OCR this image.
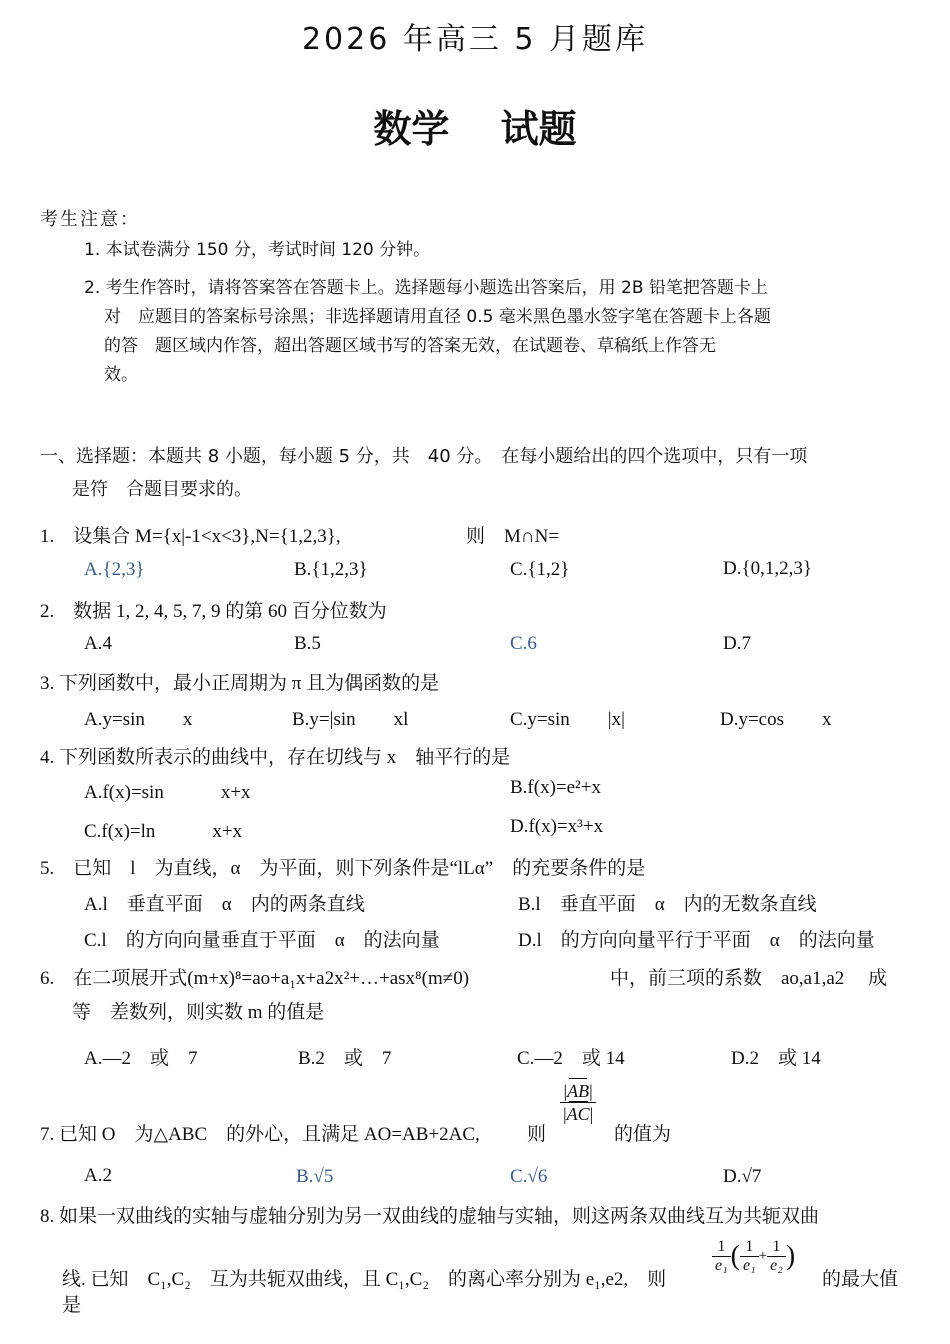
2026 年高三 5 月题库
数学　 试题
考生注意：
1. 本试卷满分 150 分，考试时间 120 分钟。
2. 考生作答时，请将答案答在答题卡上。选择题每小题选出答案后，用 2B 铅笔把答题卡上
对　应题目的答案标号涂黑；非选择题请用直径 0.5 毫米黑色墨水签字笔在答题卡上各题
的答　题区域内作答，超出答题区域书写的答案无效，在试题卷、草稿纸上作答无
效。
一、选择题：本题共 8 小题，每小题 5 分，共　40 分。　在每小题给出的四个选项中，只有一项
是符　合题目要求的。
1.　设集合 M={x|-1<x<3},N={1,2,3},	则　M∩N=
A.{2,3}	B.{1,2,3}	C.{1,2}	D.{0,1,2,3}
2.　数据 1, 2, 4, 5, 7, 9 的第 60 百分位数为
A.4	B.5	C.6	D.7
3. 下列函数中，最小正周期为 π 且为偶函数的是
A.y=sin　　x	B.y=|sin　　xl	C.y=sin　　|x|	D.y=cos　　x
4. 下列函数所表示的曲线中，存在切线与 x　轴平行的是
A.f(x)=sin　　　x+x	B.f(x)=e²+x
C.f(x)=ln　　　x+x	D.f(x)=x³+x
5.　已知　l　为直线，α　为平面，则下列条件是“lLα”　的充要条件的是
A.l　垂直平面　α　内的两条直线	B.l　垂直平面　α　内的无数条直线
C.l　的方向向量垂直于平面　α　的法向量	D.l　的方向向量平行于平面　α　的法向量
6.　在二项展开式(m+x)⁸=ao+a₁x+a2x²+…+asx⁸(m≠0)	中，前三项的系数　ao,a1,a2　 成
等　差数列，则实数 m 的值是
A.—2　或　7	B.2　或　7	C.—2　或 14	D.2　或 14
7. 已知 O　为△ABC　的外心，且满足 AO=AB+2AC, 则
$\frac{|AB|}{|AC|}$
的值为
A.2	B.√5	C.√6	D.√7
8. 如果一双曲线的实轴与虚轴分别为另一双曲线的虚轴与实轴，则这两条双曲线互为共轭双曲
线. 已知　C₁,C₂　互为共轭双曲线，且 C₁,C₂　的离心率分别为 e₁,e2,　则
$\frac{1}{\text{e₁}}$ ( $\frac{1}{\text{e₁}} + \frac{1}{\text{e₂}}$ )
的最大值
是
